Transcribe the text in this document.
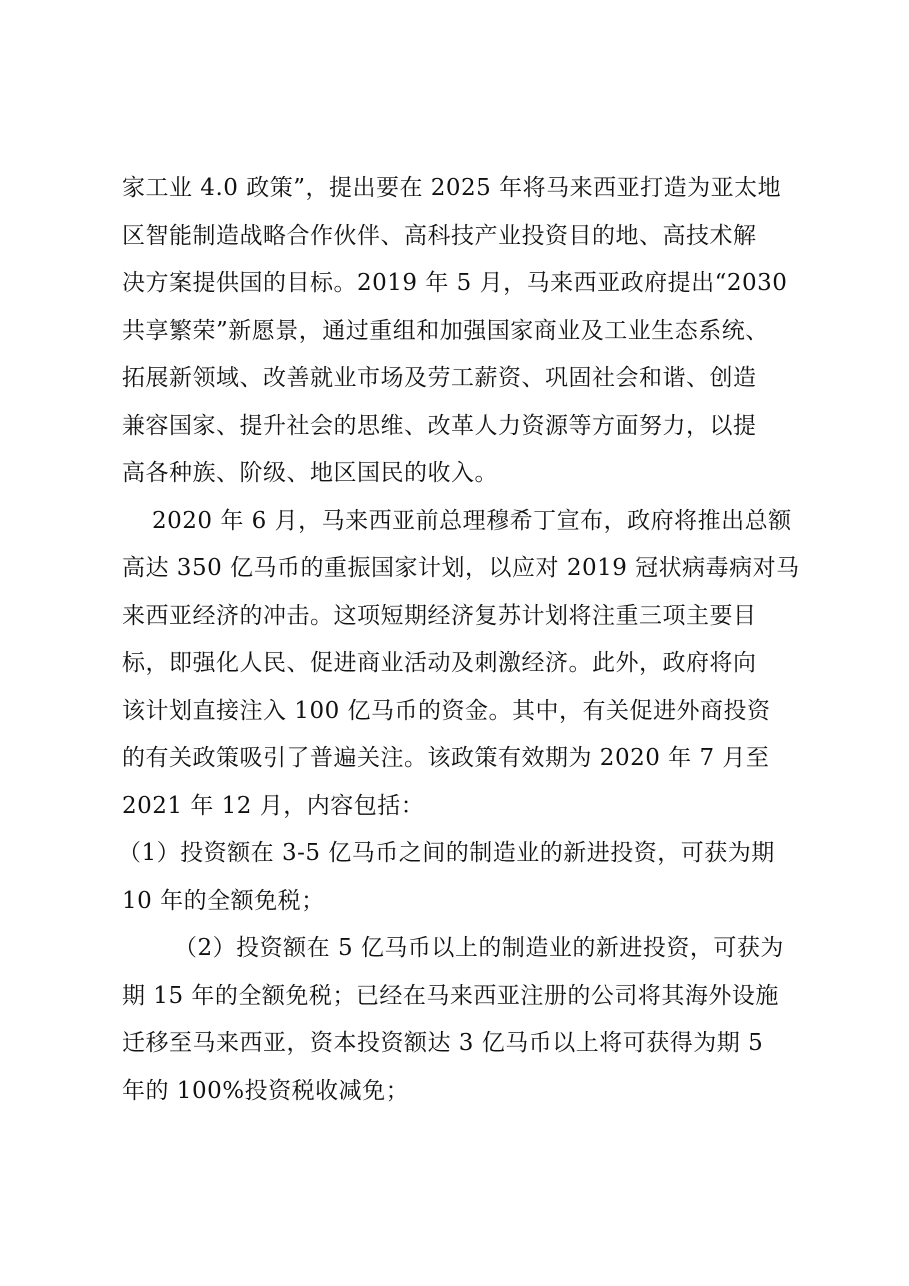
家工业 4.0 政策”，提出要在 2025 年将马来西亚打造为亚太地
区智能制造战略合作伙伴、高科技产业投资目的地、高技术解
决方案提供国的目标。2019 年 5 月，马来西亚政府提出“2030
共享繁荣”新愿景，通过重组和加强国家商业及工业生态系统、
拓展新领域、改善就业市场及劳工薪资、巩固社会和谐、创造
兼容国家、提升社会的思维、改革人力资源等方面努力，以提
高各种族、阶级、地区国民的收入。
2020 年 6 月，马来西亚前总理穆希丁宣布，政府将推出总额
高达 350 亿马币的重振国家计划，以应对 2019 冠状病毒病对马
来西亚经济的冲击。这项短期经济复苏计划将注重三项主要目
标，即强化人民、促进商业活动及刺激经济。此外，政府将向
该计划直接注入 100 亿马币的资金。其中，有关促进外商投资
的有关政策吸引了普遍关注。该政策有效期为 2020 年 7 月至
2021 年 12 月，内容包括：
（1）投资额在 3-5 亿马币之间的制造业的新进投资，可获为期
10 年的全额免税；
（2）投资额在 5 亿马币以上的制造业的新进投资，可获为
期 15 年的全额免税；已经在马来西亚注册的公司将其海外设施
迁移至马来西亚，资本投资额达 3 亿马币以上将可获得为期 5
年的 100%投资税收减免；
